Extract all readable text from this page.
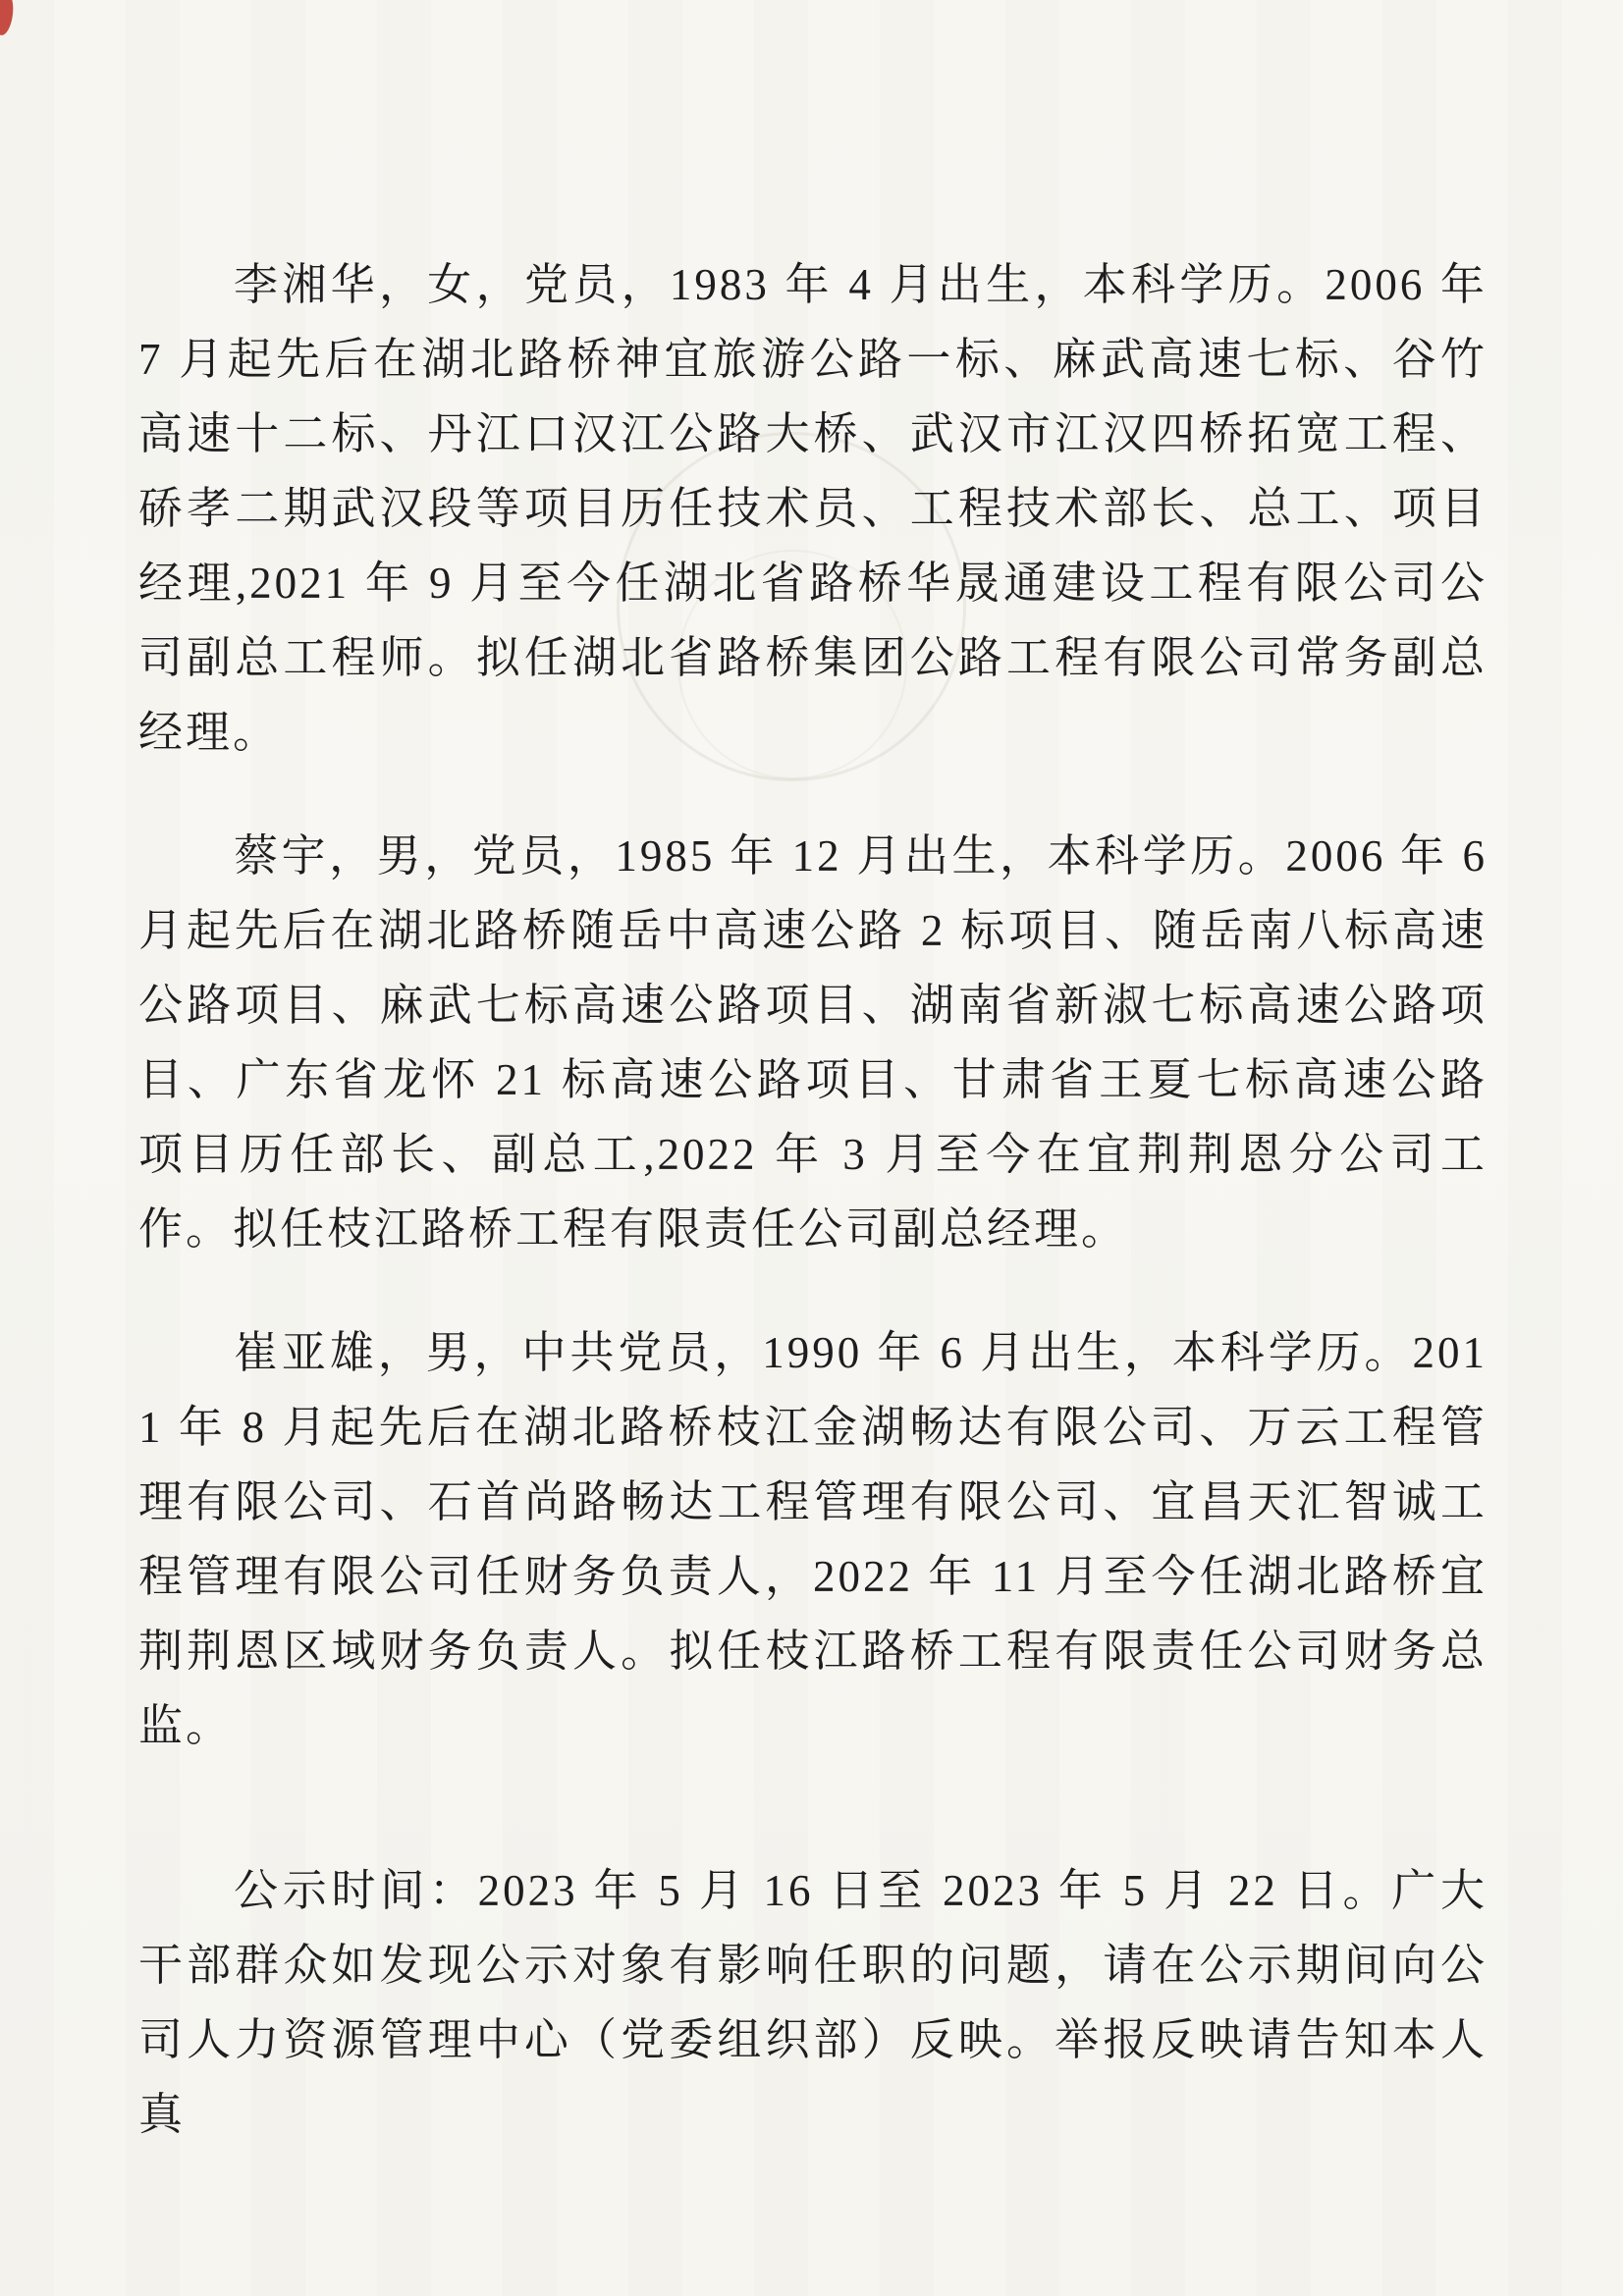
李湘华，女，党员，1983 年 4 月出生，本科学历。2006 年 7 月起先后在湖北路桥神宜旅游公路一标、麻武高速七标、谷竹高速十二标、丹江口汉江公路大桥、武汉市江汉四桥拓宽工程、硚孝二期武汉段等项目历任技术员、工程技术部长、总工、项目经理,2021 年 9 月至今任湖北省路桥华晟通建设工程有限公司公司副总工程师。拟任湖北省路桥集团公路工程有限公司常务副总经理。

蔡宇，男，党员，1985 年 12 月出生，本科学历。2006 年 6 月起先后在湖北路桥随岳中高速公路 2 标项目、随岳南八标高速公路项目、麻武七标高速公路项目、湖南省新淑七标高速公路项目、广东省龙怀 21 标高速公路项目、甘肃省王夏七标高速公路项目历任部长、副总工,2022 年 3 月至今在宜荆荆恩分公司工作。拟任枝江路桥工程有限责任公司副总经理。

崔亚雄，男，中共党员，1990 年 6 月出生，本科学历。2011 年 8 月起先后在湖北路桥枝江金湖畅达有限公司、万云工程管理有限公司、石首尚路畅达工程管理有限公司、宜昌天汇智诚工程管理有限公司任财务负责人，2022 年 11 月至今任湖北路桥宜荆荆恩区域财务负责人。拟任枝江路桥工程有限责任公司财务总监。

公示时间：2023 年 5 月 16 日至 2023 年 5 月 22 日。广大干部群众如发现公示对象有影响任职的问题，请在公示期间向公司人力资源管理中心（党委组织部）反映。举报反映请告知本人真
